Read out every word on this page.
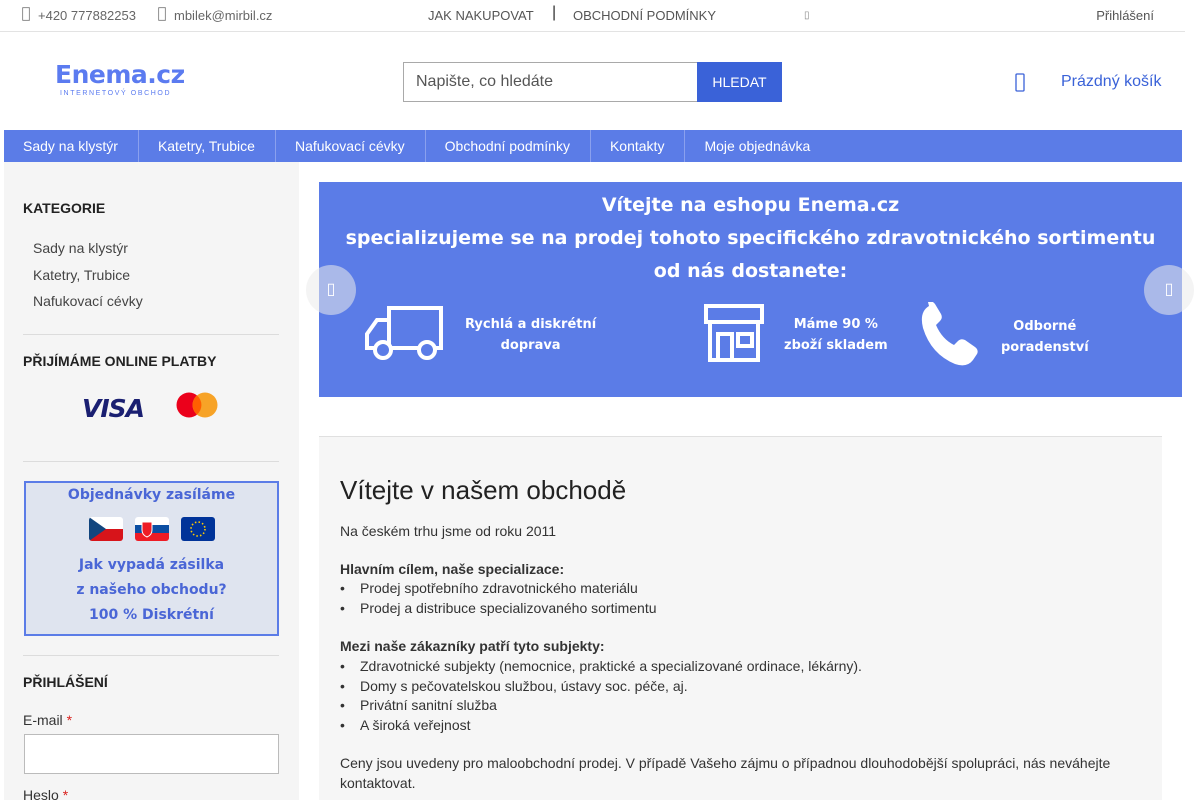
+420 777882253	mbilek@mirbil.cz	JAK NAKUPOVAT | OBCHODNÍ PODMÍNKY	▯	Přihlášení
Enema.cz
INTERNETOVÝ OBCHOD
Napište, co hledáte
HLEDAT	Prázdný košík
Sady na klystýr	Katetry, Trubice	Nafukovací cévky	Obchodní podmínky	Kontakty	Moje objednávka
KATEGORIE
Sady na klystýr
Katetry, Trubice
Nafukovací cévky
PŘIJÍMÁME ONLINE PLATBY
VISA
Objednávky zasíláme
Jak vypadá zásilka
z našeho obchodu?
100 % Diskrétní
PŘIHLÁŠENÍ
E-mail *
Heslo *
Vítejte na eshopu Enema.cz
specializujeme se na prodej tohoto specifického zdravotnického sortimentu
od nás dostanete:
Rychlá a diskrétní
doprava
Máme 90 %
zboží skladem
Odborné
poradenství
▯	▯
Vítejte v našem obchodě
Na českém trhu jsme od roku 2011
Hlavním cílem, naše specializace:
•	Prodej spotřebního zdravotnického materiálu
•	Prodej a distribuce specializovaného sortimentu
Mezi naše zákazníky patří tyto subjekty:
•	Zdravotnické subjekty (nemocnice, praktické a specializované ordinace, lékárny).
•	Domy s pečovatelskou službou, ústavy soc. péče, aj.
•	Privátní sanitní služba
•	A široká veřejnost
Ceny jsou uvedeny pro maloobchodní prodej. V případě Vašeho zájmu o případnou dlouhodobější spolupráci, nás neváhejte kontaktovat.
